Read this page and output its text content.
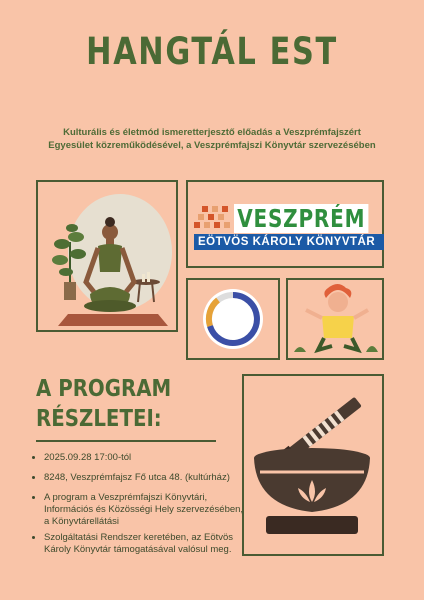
HANGTÁL EST
Kulturális és életmód ismeretterjesztő előadás a Veszprémfajszért Egyesület közreműködésével, a Veszprémfajszi Könyvtár szervezésében
VESZPRÉM
EÖTVÖS KÁROLY KÖNYVTÁR
A PROGRAM
RÉSZLETEI:
• 2025.09.28 17:00-tól
• 8248, Veszprémfajsz Fő utca 48. (kultúrház)
• A program a Veszprémfajszi Könyvtári, Információs és Közösségi Hely szervezésében, a Könyvtárellátási
• Szolgáltatási Rendszer keretében, az Eötvös Károly Könyvtár támogatásával valósul meg.
